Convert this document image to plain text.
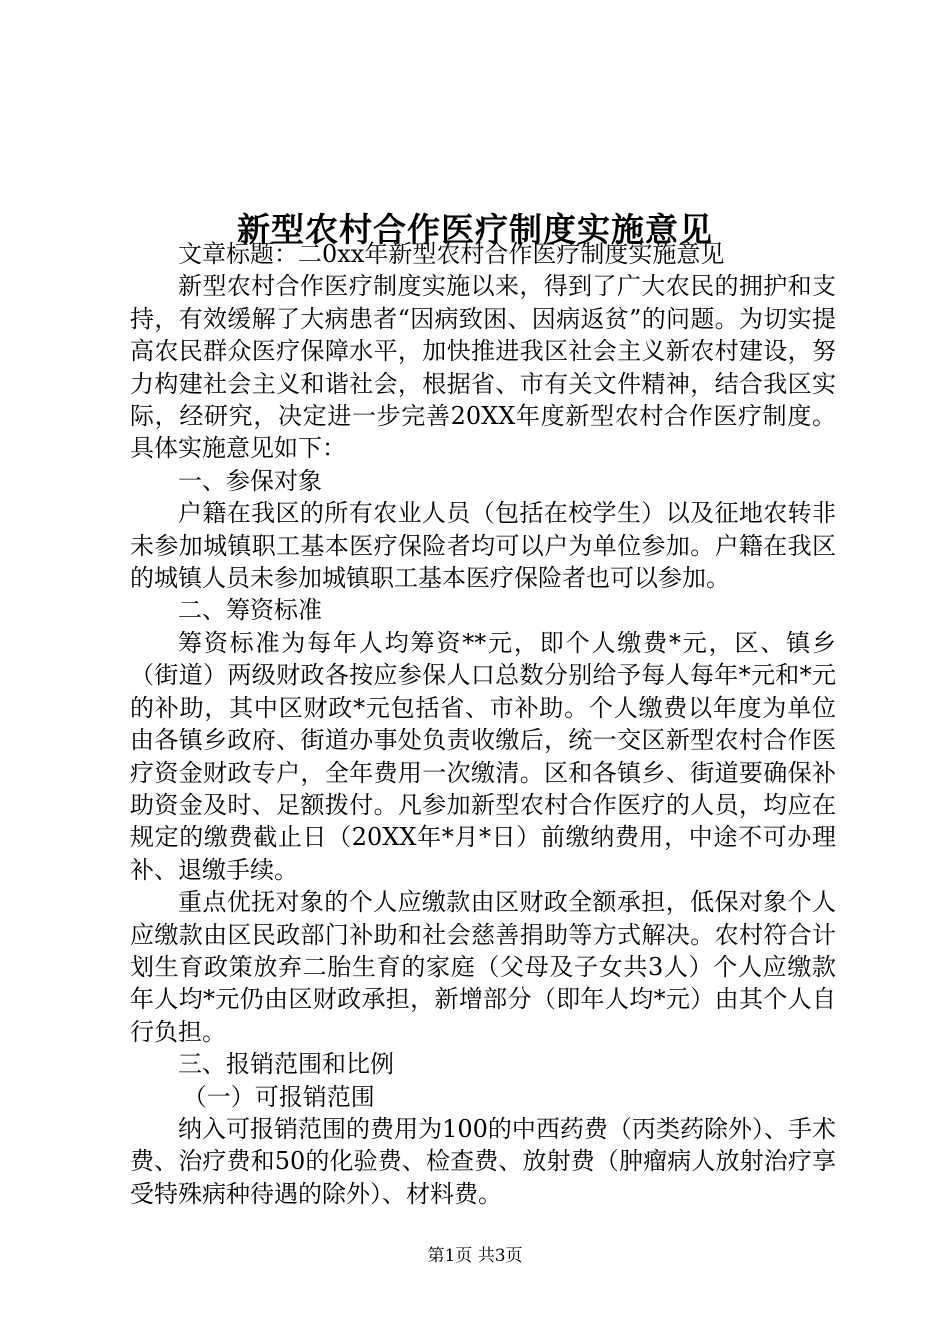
新型农村合作医疗制度实施意见

文章标题：二0xx年新型农村合作医疗制度实施意见

新型农村合作医疗制度实施以来，得到了广大农民的拥护和支持，有效缓解了大病患者“因病致困、因病返贫”的问题。为切实提高农民群众医疗保障水平，加快推进我区社会主义新农村建设，努力构建社会主义和谐社会，根据省、市有关文件精神，结合我区实际，经研究，决定进一步完善20XX年度新型农村合作医疗制度。具体实施意见如下：

一、参保对象

户籍在我区的所有农业人员（包括在校学生）以及征地农转非未参加城镇职工基本医疗保险者均可以户为单位参加。户籍在我区的城镇人员未参加城镇职工基本医疗保险者也可以参加。

二、筹资标准

筹资标准为每年人均筹资**元，即个人缴费*元，区、镇乡（街道）两级财政各按应参保人口总数分别给予每人每年*元和*元的补助，其中区财政*元包括省、市补助。个人缴费以年度为单位由各镇乡政府、街道办事处负责收缴后，统一交区新型农村合作医疗资金财政专户，全年费用一次缴清。区和各镇乡、街道要确保补助资金及时、足额拨付。凡参加新型农村合作医疗的人员，均应在规定的缴费截止日（20XX年*月*日）前缴纳费用，中途不可办理补、退缴手续。

重点优抚对象的个人应缴款由区财政全额承担，低保对象个人应缴款由区民政部门补助和社会慈善捐助等方式解决。农村符合计划生育政策放弃二胎生育的家庭（父母及子女共3人）个人应缴款年人均*元仍由区财政承担，新增部分（即年人均*元）由其个人自行负担。

三、报销范围和比例

（一）可报销范围

纳入可报销范围的费用为100的中西药费（丙类药除外）、手术费、治疗费和50的化验费、检查费、放射费（肿瘤病人放射治疗享受特殊病种待遇的除外）、材料费。

第1页 共3页
